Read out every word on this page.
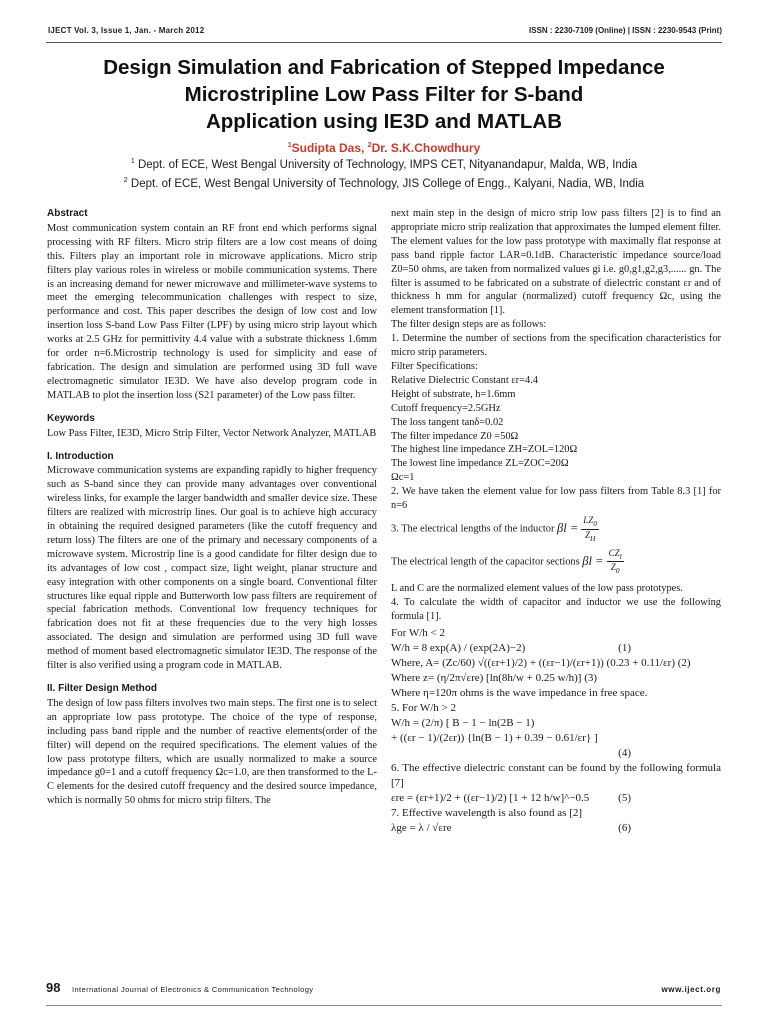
IJECT Vol. 3, Issue 1, Jan. - March 2012	ISSN : 2230-7109 (Online) | ISSN : 2230-9543 (Print)
Design Simulation and Fabrication of Stepped Impedance
Microstripline Low Pass Filter for S-band
Application using IE3D and MATLAB
$^1$Sudipta Das, $^2$Dr. S.K.Chowdhury
$^1$ Dept. of ECE, West Bengal University of Technology, IMPS CET, Nityanandapur, Malda, WB, India
$^2$ Dept. of ECE, West Bengal University of Technology, JIS College of Engg., Kalyani, Nadia, WB, India
Abstract

Most communication system contain an RF front end which performs signal processing with RF filters. Micro strip filters are a low cost means of doing this. Filters play an important role in microwave applications. Micro strip filters play various roles in wireless or mobile communication systems. There is an increasing demand for newer microwave and millimeter-wave systems to meet the emerging telecommunication challenges with respect to size, performance and cost. This paper describes the design of low cost and low insertion loss S-band Low Pass Filter (LPF) by using micro strip layout which works at 2.5 GHz for permittivity 4.4 value with a substrate thickness 1.6mm for order n=6.Microstrip technology is used for simplicity and ease of fabrication. The design and simulation are performed using 3D full wave electromagnetic simulator IE3D. We have also develop program code in MATLAB to plot the insertion loss (S21 parameter) of the Low pass filter.

Keywords

Low Pass Filter, IE3D, Micro Strip Filter, Vector Network Analyzer, MATLAB

I. Introduction

Microwave communication systems are expanding rapidly to higher frequency such as S-band since they can provide many advantages over conventional wireless links, for example the larger bandwidth and smaller device size. These filters are realized with microstrip lines. Our goal is to achieve high accuracy in obtaining the required designed parameters (like the cutoff frequency and return loss) The filters are one of the primary and necessary components of a microwave system. Microstrip line is a good candidate for filter design due to its advantages of low cost , compact size, light weight, planar structure and easy integration with other components on a single board. Conventional filter structures like equal ripple and Butterworth low pass filters are requirement of special fabrication methods. Conventional low frequency techniques for fabrication does not fit at these frequencies due to the very high losses associated. The design and simulation are performed using 3D full wave method of moment based electromagnetic simulator IE3D. The response of the filter is also verified using a program code in MATLAB.

II. Filter Design Method

The design of low pass filters involves two main steps. The first one is to select an appropriate low pass prototype. The choice of the type of response, including pass band ripple and the number of reactive elements(order of the filter) will depend on the required specifications. The element values of the low pass prototype filters, which are usually normalized to make a source impedance g0=1 and a cutoff frequency Ωc=1.0, are then transformed to the L-C elements for the desired cutoff frequency and the desired source impedance, which is normally 50 ohms for micro strip filters. The

next main step in the design of micro strip low pass filters [2] is to find an appropriate micro strip realization that approximates the lumped element filter. The element values for the low pass prototype with maximally flat response at pass band ripple factor LAR=0.1dB. Characteristic impedance source/load Z0=50 ohms, are taken from normalized values gi i.e. g0,g1,g2,g3,...... gn. The filter is assumed to be fabricated on a substrate of dielectric constant εr and of thickness h mm for angular (normalized) cutoff frequency Ωc, using the element transformation [1].

The filter design steps are as follows:

1. Determine the number of sections from the specification characteristics for micro strip parameters.

Filter Specifications:

Relative Dielectric Constant εr=4.4

Height of substrate, h=1.6mm

Cutoff frequency=2.5GHz

The loss tangent tanδ=0.02

The filter impedance Z0 =50Ω

The highest line impedance ZH=ZOL=120Ω

The lowest line impedance ZL=ZOC=20Ω

Ωc=1

2. We have taken the element value for low pass filters from Table 8.3 [1] for n=6

3. The electrical lengths of the inductor $\beta l = \frac{LZ_0}{Z_H}$

The electrical length of the capacitor sections $\beta l = \frac{CZ_l}{Z_0}$

L and C are the normalized element values of the low pass prototypes.

4. To calculate the width of capacitor and inductor we use the following formula [1].

For W/h < 2
W/h = 8 exp(A) / (exp(2A)−2)	(1)
Where, A= (Zc/60) √((εr+1)/2) + ((εr−1)/(εr+1)) (0.23 + 0.11/εr) (2)
Where z= (η/2π√εre) [ln(8h/w + 0.25 w/h)] (3)
Where η=120π ohms is the wave impedance in free space.
5. For W/h > 2
W/h = (2/π) [ B − 1 − ln(2B − 1)
+ ((εr − 1)/(2εr)) {ln(B − 1) + 0.39 − 0.61/εr} ]
(4)
6. The effective dielectric constant can be found by the following formula [7]
εre = (εr+1)/2 + ((εr−1)/2) [1 + 12 h/w]^−0.5	(5)
7. Effective wavelength is also found as [2]
λge = λ / √εre	(6)
98 International Journal of Electronics & Communication Technology	www.iject.org
